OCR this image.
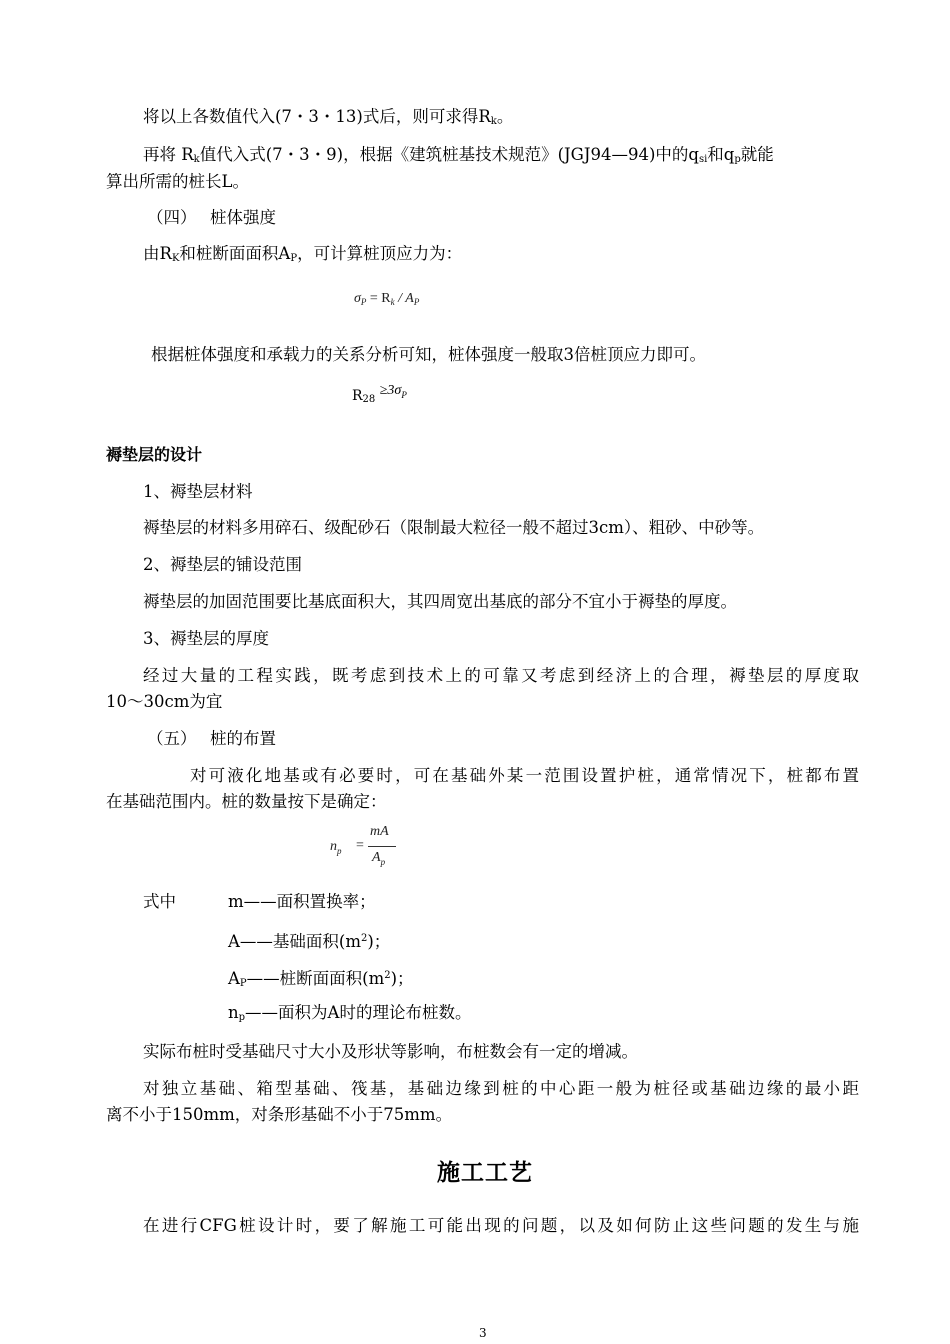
将以上各数值代入(7・3・13)式后，则可求得$R_k$。
再将 $R_k$值代入式(7・3・9)，根据《建筑桩基技术规范》(JGJ94—94)中的$q_{si}$和$q_p$就能
算出所需的桩长L。
（四）　 桩体强度
由$R_K$和桩断面面积$A_P$，可计算桩顶应力为：
$\sigma_P = R_k / A_P$
根据桩体强度和承载力的关系分析可知，桩体强度一般取3倍桩顶应力即可。
$R_{28} \ge 3\sigma_P$
褥垫层的设计
1、褥垫层材料
褥垫层的材料多用碎石、级配砂石（限制最大粒径一般不超过3cm）、粗砂、中砂等。
2、褥垫层的铺设范围
褥垫层的加固范围要比基底面积大，其四周宽出基底的部分不宜小于褥垫的厚度。
3、褥垫层的厚度
经过大量的工程实践，既考虑到技术上的可靠又考虑到经济上的合理，褥垫层的厚度取
10～30cm为宜
（五）　 桩的布置
对可液化地基或有必要时，可在基础外某一范围设置护桩，通常情况下，桩都布置
在基础范围内。桩的数量按下是确定：
$n_p$ =
mA
$A_p$
式中	m——面积置换率；
A——基础面积$(m^2)$；
$A_P——$桩断面面积$(m^2)$；
$n_p——$面积为A时的理论布桩数。
实际布桩时受基础尺寸大小及形状等影响，布桩数会有一定的增减。
对独立基础、箱型基础、筏基，基础边缘到桩的中心距一般为桩径或基础边缘的最小距
离不小于150mm，对条形基础不小于75mm。
施工工艺
在进行CFG桩设计时，要了解施工可能出现的问题，以及如何防止这些问题的发生与施
3
